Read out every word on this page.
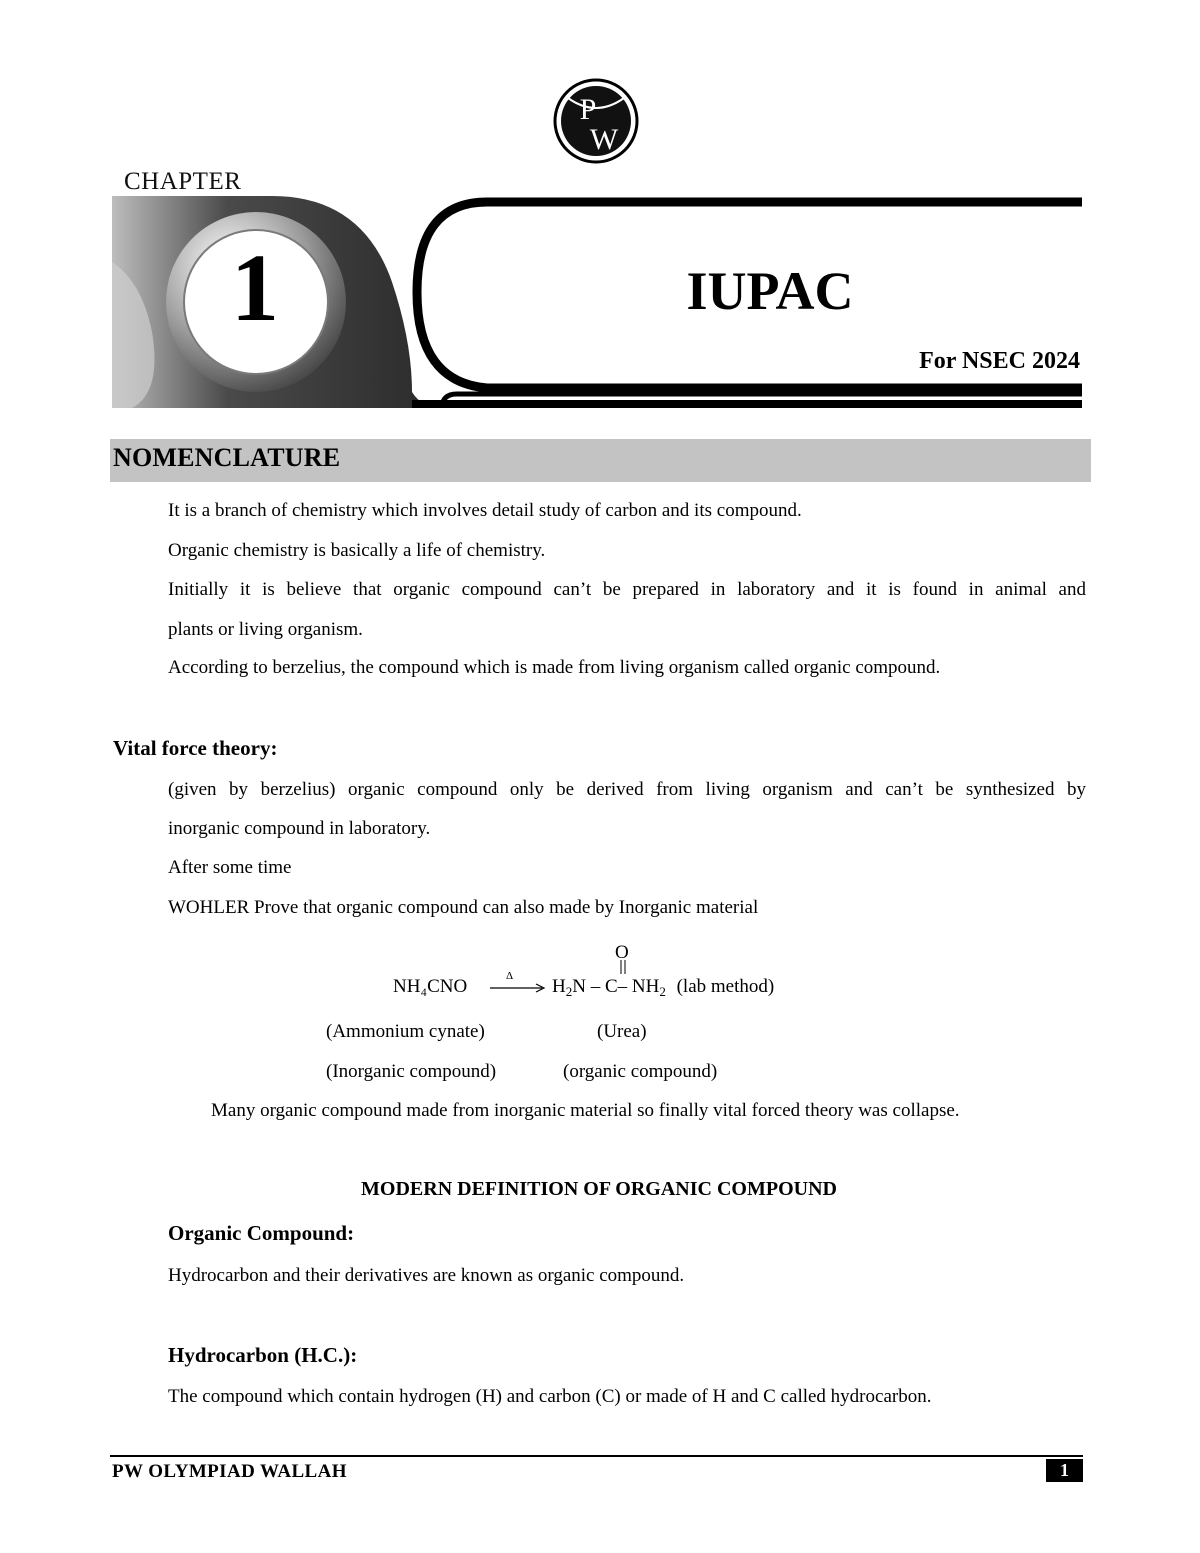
P
W
CHAPTER
1	IUPAC
For NSEC 2024
NOMENCLATURE
It is a branch of chemistry which involves detail study of carbon and its compound.
Organic chemistry is basically a life of chemistry.
Initially it is believe that organic compound can’t be prepared in laboratory and it is found in animal and
plants or living organism.
According to berzelius, the compound which is made from living organism called organic compound.
Vital force theory:
(given by berzelius) organic compound only be derived from living organism and can’t be synthesized by
inorganic compound in laboratory.
After some time
WOHLER Prove that organic compound can also made by Inorganic material
NH₄CNO →
Δ $H_2N - C-$ $NH_2$ (lab method)
O
(Ammonium cynate)	(Urea)
(Inorganic compound)	(organic compound)
Many organic compound made from inorganic material so finally vital forced theory was collapse.
MODERN DEFINITION OF ORGANIC COMPOUND
Organic Compound:
Hydrocarbon and their derivatives are known as organic compound.
Hydrocarbon (H.C.):
The compound which contain hydrogen (H) and carbon (C) or made of H and C called hydrocarbon.
PW OLYMPIAD WALLAH	1
